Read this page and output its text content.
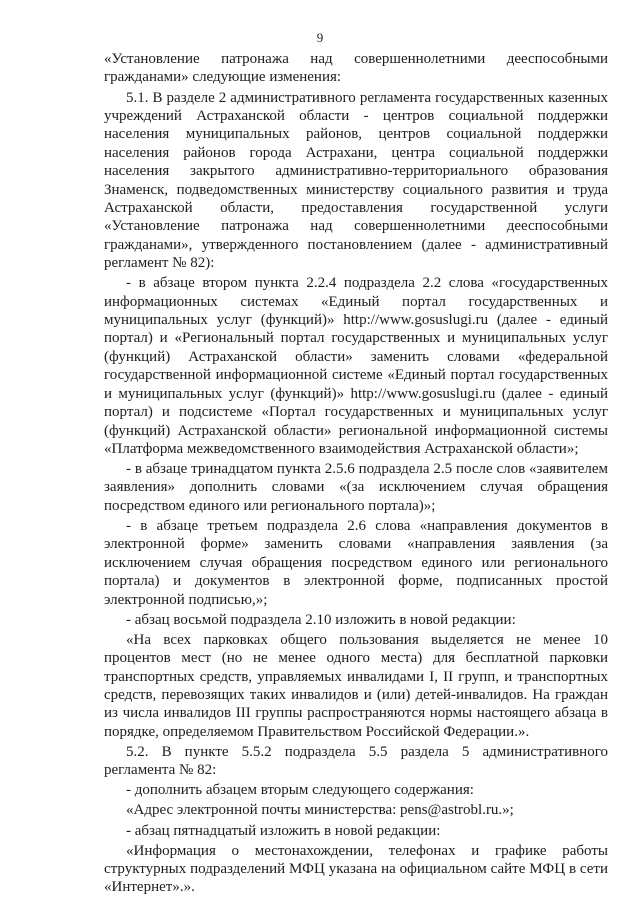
9

«Установление патронажа над совершеннолетними дееспособными гражданами» следующие изменения:

5.1. В разделе 2 административного регламента государственных казенных учреждений Астраханской области - центров социальной поддержки населения муниципальных районов, центров социальной поддержки населения районов города Астрахани, центра социальной поддержки населения закрытого административно-территориального образования Знаменск, подведомственных министерству социального развития и труда Астраханской области, предоставления государственной услуги «Установление патронажа над совершеннолетними дееспособными гражданами», утвержденного постановлением (далее - административный регламент № 82):

- в абзаце втором пункта 2.2.4 подраздела 2.2 слова «государственных информационных системах «Единый портал государственных и муниципальных услуг (функций)» http://www.gosuslugi.ru (далее - единый портал) и «Региональный портал государственных и муниципальных услуг (функций) Астраханской области» заменить словами «федеральной государственной информационной системе «Единый портал государственных и муниципальных услуг (функций)» http://www.gosuslugi.ru (далее - единый портал) и подсистеме «Портал государственных и муниципальных услуг (функций) Астраханской области» региональной информационной системы «Платформа межведомственного взаимодействия Астраханской области»;

- в абзаце тринадцатом пункта 2.5.6 подраздела 2.5 после слов «заявителем заявления» дополнить словами «(за исключением случая обращения посредством единого или регионального портала)»;

- в абзаце третьем подраздела 2.6 слова «направления документов в электронной форме» заменить словами «направления заявления (за исключением случая обращения посредством единого или регионального портала) и документов в электронной форме, подписанных простой электронной подписью,»;

- абзац восьмой подраздела 2.10 изложить в новой редакции:

«На всех парковках общего пользования выделяется не менее 10 процентов мест (но не менее одного места) для бесплатной парковки транспортных средств, управляемых инвалидами I, II групп, и транспортных средств, перевозящих таких инвалидов и (или) детей-инвалидов. На граждан из числа инвалидов III группы распространяются нормы настоящего абзаца в порядке, определяемом Правительством Российской Федерации.».

5.2. В пункте 5.5.2 подраздела 5.5 раздела 5 административного регламента № 82:

- дополнить абзацем вторым следующего содержания:

«Адрес электронной почты министерства: pens@astrobl.ru.»;

- абзац пятнадцатый изложить в новой редакции:

«Информация о местонахождении, телефонах и графике работы структурных подразделений МФЦ указана на официальном сайте МФЦ в сети «Интернет».».
